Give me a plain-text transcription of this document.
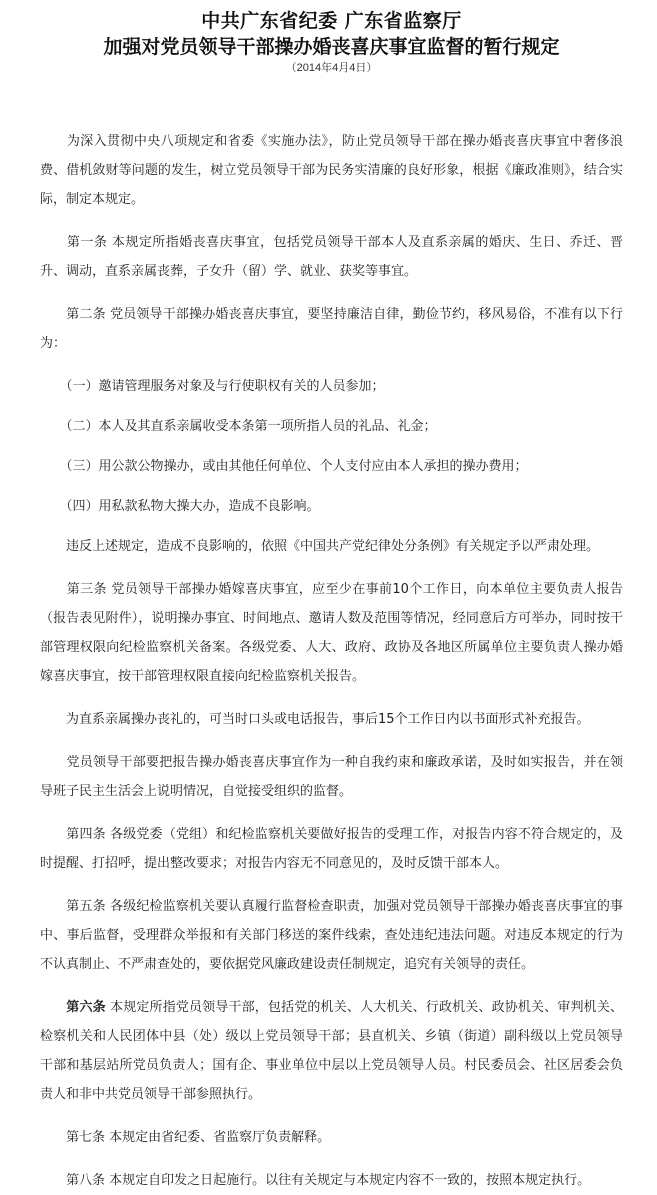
中共广东省纪委 广东省监察厅
加强对党员领导干部操办婚丧喜庆事宜监督的暂行规定
（2014年4月4日）

　　为深入贯彻中央八项规定和省委《实施办法》，防止党员领导干部在操办婚丧喜庆事宜中奢侈浪费、借机敛财等问题的发生，树立党员领导干部为民务实清廉的良好形象，根据《廉政准则》，结合实际，制定本规定。

　　第一条 本规定所指婚丧喜庆事宜，包括党员领导干部本人及直系亲属的婚庆、生日、乔迁、晋升、调动，直系亲属丧葬，子女升（留）学、就业、获奖等事宜。

　　第二条 党员领导干部操办婚丧喜庆事宜，要坚持廉洁自律，勤俭节约，移风易俗，不准有以下行为：

　　（一）邀请管理服务对象及与行使职权有关的人员参加；

　　（二）本人及其直系亲属收受本条第一项所指人员的礼品、礼金；

　　（三）用公款公物操办，或由其他任何单位、个人支付应由本人承担的操办费用；

　　（四）用私款私物大操大办，造成不良影响。

　　违反上述规定，造成不良影响的，依照《中国共产党纪律处分条例》有关规定予以严肃处理。

　　第三条 党员领导干部操办婚嫁喜庆事宜，应至少在事前10个工作日，向本单位主要负责人报告（报告表见附件），说明操办事宜、时间地点、邀请人数及范围等情况，经同意后方可举办，同时按干部管理权限向纪检监察机关备案。各级党委、人大、政府、政协及各地区所属单位主要负责人操办婚嫁喜庆事宜，按干部管理权限直接向纪检监察机关报告。

　　为直系亲属操办丧礼的，可当时口头或电话报告，事后15个工作日内以书面形式补充报告。

　　党员领导干部要把报告操办婚丧喜庆事宜作为一种自我约束和廉政承诺，及时如实报告，并在领导班子民主生活会上说明情况，自觉接受组织的监督。

　　第四条 各级党委（党组）和纪检监察机关要做好报告的受理工作，对报告内容不符合规定的，及时提醒、打招呼，提出整改要求；对报告内容无不同意见的，及时反馈干部本人。

　　第五条 各级纪检监察机关要认真履行监督检查职责，加强对党员领导干部操办婚丧喜庆事宜的事中、事后监督，受理群众举报和有关部门移送的案件线索，查处违纪违法问题。对违反本规定的行为不认真制止、不严肃查处的，要依据党风廉政建设责任制规定，追究有关领导的责任。

　　第六条 本规定所指党员领导干部，包括党的机关、人大机关、行政机关、政协机关、审判机关、检察机关和人民团体中县（处）级以上党员领导干部；县直机关、乡镇（街道）副科级以上党员领导干部和基层站所党员负责人；国有企、事业单位中层以上党员领导人员。村民委员会、社区居委会负责人和非中共党员领导干部参照执行。

　　第七条 本规定由省纪委、省监察厅负责解释。

　　第八条 本规定自印发之日起施行。以往有关规定与本规定内容不一致的，按照本规定执行。
